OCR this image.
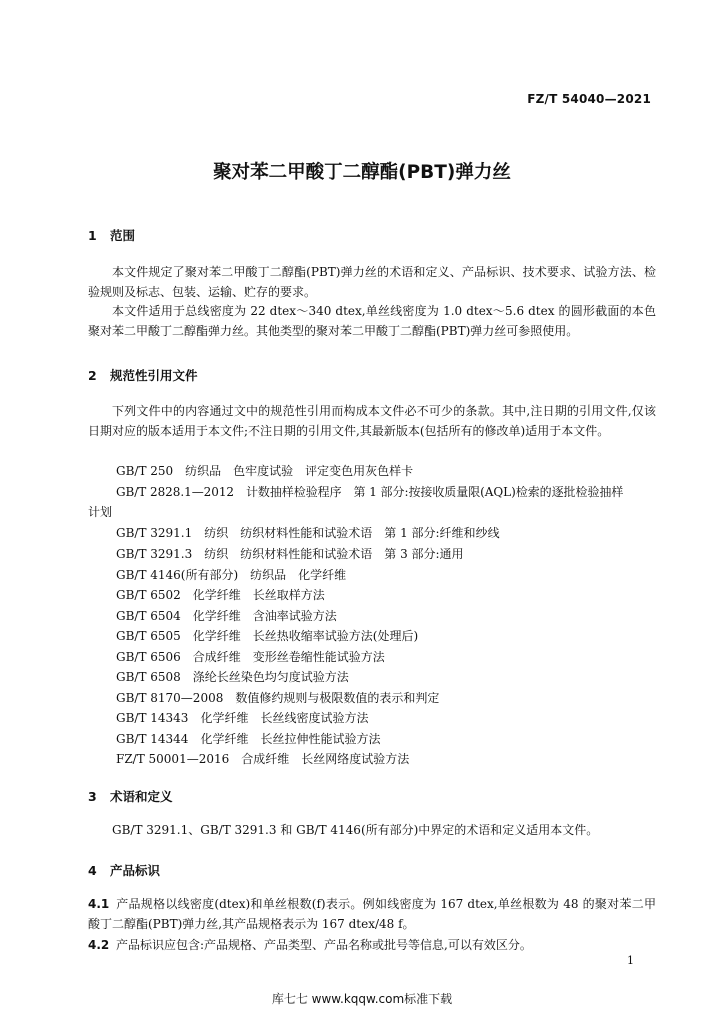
FZ/T 54040—2021
聚对苯二甲酸丁二醇酯(PBT)弹力丝
1 范围

本文件规定了聚对苯二甲酸丁二醇酯(PBT)弹力丝的术语和定义、产品标识、技术要求、试验方法、检验规则及标志、包装、运输、贮存的要求。

本文件适用于总线密度为 22 dtex～340 dtex,单丝线密度为 1.0 dtex～5.6 dtex 的圆形截面的本色聚对苯二甲酸丁二醇酯弹力丝。其他类型的聚对苯二甲酸丁二醇酯(PBT)弹力丝可参照使用。

2 规范性引用文件

下列文件中的内容通过文中的规范性引用而构成本文件必不可少的条款。其中,注日期的引用文件,仅该日期对应的版本适用于本文件;不注日期的引用文件,其最新版本(包括所有的修改单)适用于本文件。

GB/T 250　纺织品　色牢度试验　评定变色用灰色样卡
GB/T 2828.1—2012　计数抽样检验程序　第 1 部分:按接收质量限(AQL)检索的逐批检验抽样
计划
GB/T 3291.1　纺织　纺织材料性能和试验术语　第 1 部分:纤维和纱线
GB/T 3291.3　纺织　纺织材料性能和试验术语　第 3 部分:通用
GB/T 4146(所有部分)　纺织品　化学纤维
GB/T 6502　化学纤维　长丝取样方法
GB/T 6504　化学纤维　含油率试验方法
GB/T 6505　化学纤维　长丝热收缩率试验方法(处理后)
GB/T 6506　合成纤维　变形丝卷缩性能试验方法
GB/T 6508　涤纶长丝染色均匀度试验方法
GB/T 8170—2008　数值修约规则与极限数值的表示和判定
GB/T 14343　化学纤维　长丝线密度试验方法
GB/T 14344　化学纤维　长丝拉伸性能试验方法
FZ/T 50001—2016　合成纤维　长丝网络度试验方法
3 术语和定义

GB/T 3291.1、GB/T 3291.3 和 GB/T 4146(所有部分)中界定的术语和定义适用本文件。

4 产品标识
4.1 产品规格以线密度(dtex)和单丝根数(f)表示。例如线密度为 167 dtex,单丝根数为 48 的聚对苯二甲酸丁二醇酯(PBT)弹力丝,其产品规格表示为 167 dtex/48 f。
4.2 产品标识应包含:产品规格、产品类型、产品名称或批号等信息,可以有效区分。
1
库七七 www.kqqw.com标准下载
